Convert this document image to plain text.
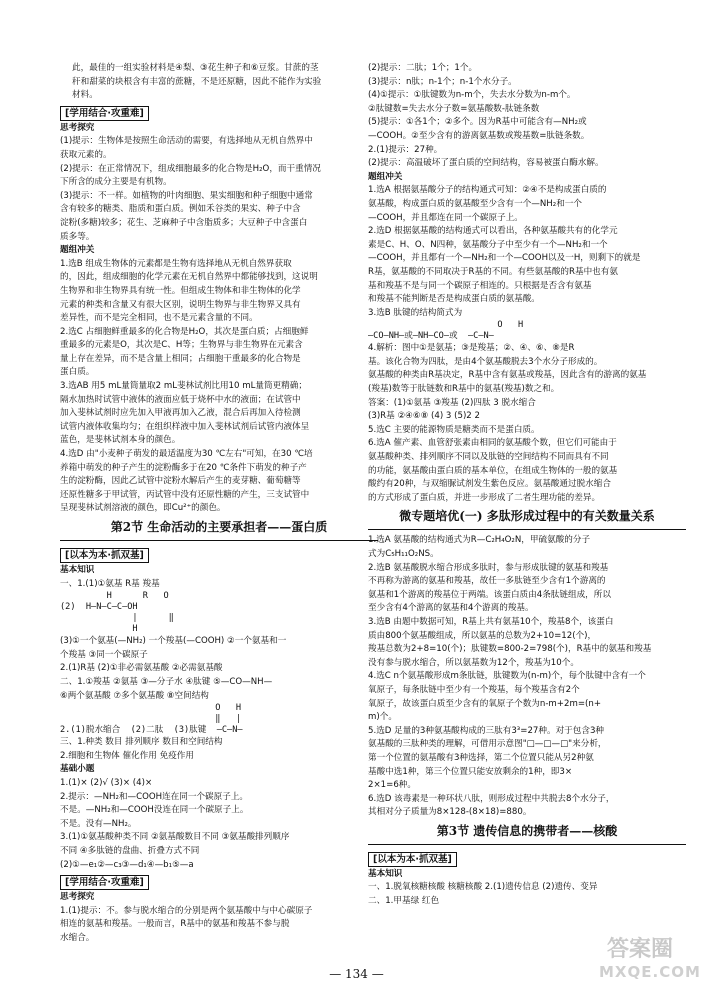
此，最佳的一组实验材料是④梨、③花生种子和⑥豆浆。甘蔗的茎
秆和甜菜的块根含有丰富的蔗糖，不是还原糖，因此不能作为实验
材料。
[学用结合·攻重难]
思考探究
(1)提示：生物体是按照生命活动的需要，有选择地从无机自然界中
获取元素的。
(2)提示：在正常情况下，组成细胞最多的化合物是H₂O，而干重情况
下所含的成分主要是有机物。
(3)提示：不一样。如植物的叶肉细胞、果实细胞和种子细胞中通常
含有较多的糖类、脂质和蛋白质。例如禾谷类的果实、种子中含
淀粉(多糖)较多；花生、芝麻种子中含脂质多；大豆种子中含蛋白
质多等。
题组冲关
1.选B 组成生物体的元素都是生物有选择地从无机自然界获取
的，因此，组成细胞的化学元素在无机自然界中都能够找到，这说明
生物界和非生物界具有统一性。但组成生物体和非生物体的化学
元素的种类和含量又有很大区别，说明生物界与非生物界又具有
差异性，而不是完全相同，也不是元素含量的不同。
2.选C 占细胞鲜重最多的化合物是H₂O，其次是蛋白质；占细胞鲜
重最多的元素是O，其次是C、H等；生物界与非生物界在元素含
量上存在差异，而不是含量上相同；占细胞干重最多的化合物是
蛋白质。
3.选AB 用5 mL量筒量取2 mL斐林试剂比用10 mL量筒更精确；
隔水加热时试管中液体的液面应低于烧杯中水的液面；在试管中
加入斐林试剂时应先加入甲液再加入乙液，混合后再加入待检测
试管内液体收集均匀；在组织样液中加入斐林试剂后试管内液体呈
蓝色，是斐林试剂本身的颜色。
4.选D 由"小麦种子萌发的最适温度为30 ℃左右"可知，在30 ℃培
养箱中萌发的种子产生的淀粉酶多于在20 ℃条件下萌发的种子产
生的淀粉酶，因此乙试管中淀粉水解后产生的麦芽糖、葡萄糖等
还原性糖多于甲试管，丙试管中没有还原性糖的产生，三支试管中
呈现斐林试剂溶液的颜色，即Cu²⁺的颜色。
第2节 生命活动的主要承担者——蛋白质
[以本为本·抓双基]
基本知识
一、1.(1)①氨基 R基 羧基
H      R   O
(2)  H—N—C—C—OH
|      ‖
H
(3)①一个氨基(—NH₂) 一个羧基(—COOH) ②一个氨基和一
个羧基 ③同一个碳原子
2.(1)R基 (2)①非必需氨基酸 ②必需氨基酸
二、1.①羧基 ②氨基 ③—分子水 ④肽键 ⑤—CO—NH—
⑥两个氨基酸 ⑦多个氨基酸 ⑧空间结构
O   H
‖   |
2.(1)脱水缩合  (2)二肽  (3)肽键  —C—N—
三、1.种类 数目 排列顺序 数目和空间结构
2.细胞和生物体 催化作用 免疫作用
基础小题
1.(1)× (2)√ (3)× (4)×
2.提示：—NH₂和—COOH连在同一个碳原子上。
不是。—NH₂和—COOH没连在同一个碳原子上。
不是。没有—NH₂。
3.(1)①氨基酸种类不同 ②氨基酸数目不同 ③氨基酸排列顺序
不同 ④多肽链的盘曲、折叠方式不同
(2)①—e₁②—c₃③—d₁④—b₁⑤—a
[学用结合·攻重难]
思考探究
1.(1)提示：不。参与脱水缩合的分别是两个氨基酸中与中心碳原子
相连的氨基和羧基。一般而言，R基中的氨基和羧基不参与脱
水缩合。
(2)提示：二肽；1个；1个。
(3)提示：n肽；n-1个；n-1个水分子。
(4)①提示：①肽键数为n-m个，失去水分数为n-m个。
②肽键数=失去水分子数=氨基酸数-肽链条数
(5)提示：①各1个；②多个。因为R基中可能含有—NH₂或
—COOH。②至少含有的游离氨基数或羧基数=肽链条数。
2.(1)提示：27种。
(2)提示：高温破坏了蛋白质的空间结构，容易被蛋白酶水解。
题组冲关
1.选A 根据氨基酸分子的结构通式可知：②④不是构成蛋白质的
氨基酸，构成蛋白质的氨基酸至少含有一个—NH₂和一个
—COOH，并且都连在同一个碳原子上。
2.选D 根据氨基酸的结构通式可以看出，各种氨基酸共有的化学元
素是C、H、O、N四种，氨基酸分子中至少有一个—NH₂和一个
—COOH，并且都有一个—NH₂和一个—COOH以及一H，则剩下的就是
R基，氨基酸的不同取决于R基的不同。有些氨基酸的R基中也有氨
基和羧基不是与同一个碳原子相连的。只根据是否含有氨基
和羧基不能判断是否是构成蛋白质的氨基酸。
3.选B 肽键的结构简式为
O   H
—CO—NH—或—NH—CO—或  —C—N—
4.解析：图中①是氨基；③是羧基；②、④、⑥、⑧是R
基。该化合物为四肽，是由4个氨基酸脱去3个水分子形成的。
氨基酸的种类由R基决定，R基中含有氨基或羧基，因此含有的游离的氨基
(羧基)数等于肽链数和R基中的氨基(羧基)数之和。
答案：(1)①氨基 ③羧基 (2)四肽 3 脱水缩合
(3)R基 ②④⑥⑧ (4) 3 (5)2 2
5.选C 主要的能源物质是糖类而不是蛋白质。
6.选A 催产素、血管舒张素由相同的氨基酸个数，但它们可能由于
氨基酸种类、排列顺序不同以及肽链的空间结构不同而具有不同
的功能，氨基酸由蛋白质的基本单位，在组成生物体的一般的氨基
酸约有20种，与双缩脲试剂发生紫色反应。氨基酸通过脱水缩合
的方式形成了蛋白质，并进一步形成了二者生理功能的差异。
微专题培优(一) 多肽形成过程中的有关数量关系
1.选A 氨基酸的结构通式为R—C₂H₄O₂N，甲硫氨酸的分子
式为C₅H₁₁O₂NS。
2.选B 氨基酸脱水缩合形成多肽时，参与形成肽键的氨基和羧基
不再称为游离的氨基和羧基，故任一多肽链至少含有1个游离的
氨基和1个游离的羧基位于两端。该蛋白质由4条肽链组成，所以
至少含有4个游离的氨基和4个游离的羧基。
3.选B 由题中数据可知，R基上共有氨基10个，羧基8个，该蛋白
质由800个氨基酸组成，所以氨基的总数为2+10=12(个)，
羧基总数为2+8=10(个)；肽键数=800-2=798(个)，R基中的氨基和羧基
没有参与脱水缩合，所以氨基数为12个，羧基为10个。
4.选C n个氨基酸形成m条肽链，肽键数为(n-m)个，每个肽键中含有一个
氧原子，每条肽链中至少有一个羧基，每个羧基含有2个
氧原子，故该蛋白质至少含有的氧原子个数为n-m+2m=(n+
m)个。
5.选D 足量的3种氨基酸构成的三肽有3³=27种。对于包含3种
氨基酸的三肽种类的理解，可借用示意图"□—□—□"来分析，
第一个位置的氨基酸有3种选择，第二个位置只能从另2种氨
基酸中选1种，第三个位置只能安放剩余的1种，即3×
2×1=6种。
6.选D 该毒素是一种环状八肽，则形成过程中共脱去8个水分子，
其相对分子质量为8×128-(8×18)=880。
第3节 遗传信息的携带者——核酸
[以本为本·抓双基]
基本知识
一、1.脱氧核糖核酸 核糖核酸 2.(1)遗传信息 (2)遗传、变异
二、1.甲基绿 红色
— 134 —
答案圈
MXQE.COM
